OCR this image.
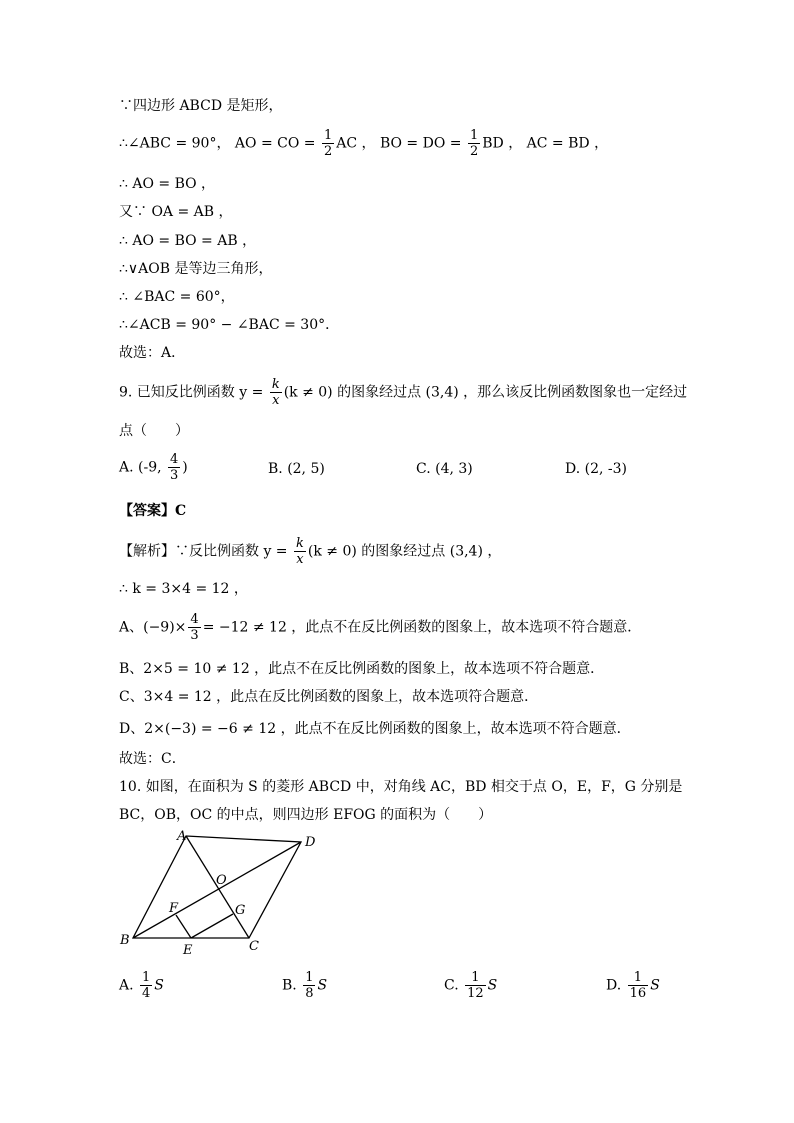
∵四边形 ABCD 是矩形，
∴∠ABC = 90°， AO = CO = $\frac{1}{2}$ AC ， BO = DO = $\frac{1}{2}$ BD ， AC = BD ，
∴ AO = BO ，
又∵ OA = AB ，
∴ AO = BO = AB ，
∴∨AOB 是等边三角形，
∴ ∠BAC = 60°，
∴∠ACB = 90° − ∠BAC = 30°．
故选：A．
9. 已知反比例函数 $y = \frac{k}{x} (k \ne 0)$ 的图象经过点 (3,4) ，那么该反比例函数图象也一定经过
点（　　）
A. (-9, $\frac{4}{3}$ )	B. (2, 5)	C. (4, 3)	D. (2, -3)
【答案】C
【解析】∵反比例函数 $y = \frac{k}{x} (k \ne 0)$ 的图象经过点 (3,4) ，
∴ k = 3×4 = 12 ，
A、$(-9)\times \frac{4}{3} = -12 \ne 12$ ，此点不在反比例函数的图象上，故本选项不符合题意．
B、2×5 = 10 ≠ 12 ，此点不在反比例函数的图象上，故本选项不符合题意．
C、3×4 = 12 ，此点在反比例函数的图象上，故本选项符合题意．
D、2×(−3) = −6 ≠ 12 ，此点不在反比例函数的图象上，故本选项不符合题意．
故选：C．
10. 如图，在面积为 S 的菱形 ABCD 中，对角线 AC，BD 相交于点 O，E，F，G 分别是
BC，OB，OC 的中点，则四边形 EFOG 的面积为（　　）
A	D
O
F	G
B
E	C
A. $\frac{1}{4}$ S	B. $\frac{1}{8}$ S	C. $\frac{1}{12}$ S	D. $\frac{1}{16}$ S
